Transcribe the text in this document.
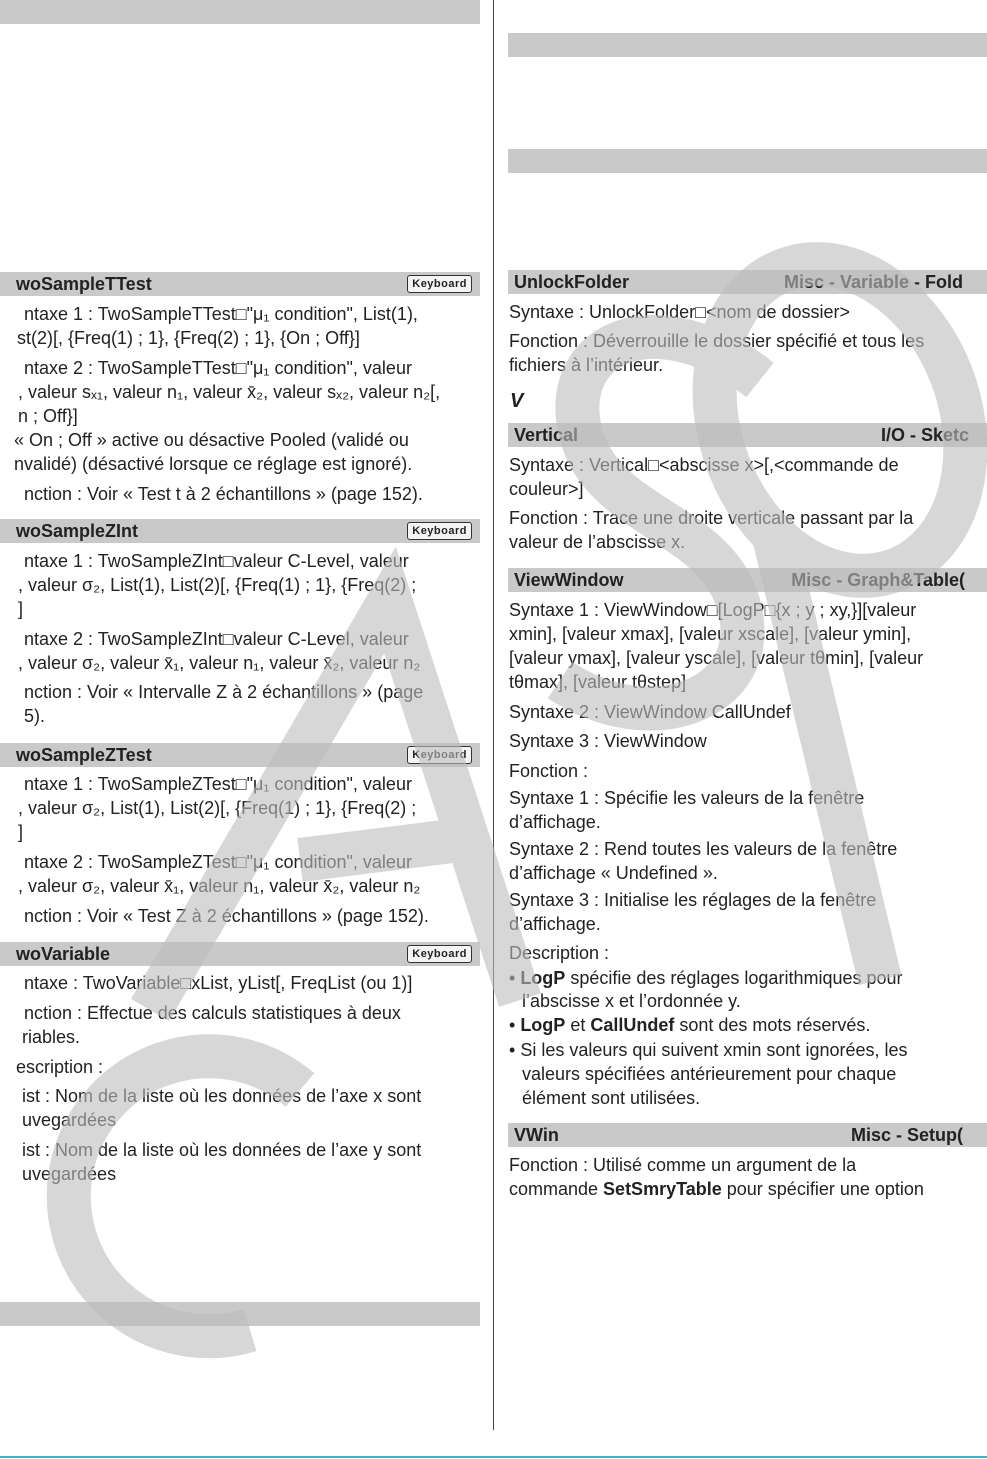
woSampleTTest	Keyboard
ntaxe 1 : TwoSampleTTest□"μ₁ condition", List(1),
st(2)[, {Freq(1) ; 1}, {Freq(2) ; 1}, {On ; Off}]
ntaxe 2 : TwoSampleTTest□"μ₁ condition", valeur
, valeur sₓ₁, valeur n₁, valeur x̄₂, valeur sₓ₂, valeur n₂[,
n ; Off}]
« On ; Off » active ou désactive Pooled (validé ou
nvalidé) (désactivé lorsque ce réglage est ignoré).
nction : Voir « Test t à 2 échantillons » (page 152).
woSampleZInt	Keyboard
ntaxe 1 : TwoSampleZInt□valeur C-Level, valeur
, valeur σ₂, List(1), List(2)[, {Freq(1) ; 1}, {Freq(2) ;
]
ntaxe 2 : TwoSampleZInt□valeur C-Level, valeur
, valeur σ₂, valeur x̄₁, valeur n₁, valeur x̄₂, valeur n₂
nction : Voir « Intervalle Z à 2 échantillons » (page
5).
woSampleZTest	Keyboard
ntaxe 1 : TwoSampleZTest□"μ₁ condition", valeur
, valeur σ₂, List(1), List(2)[, {Freq(1) ; 1}, {Freq(2) ;
]
ntaxe 2 : TwoSampleZTest□"μ₁ condition", valeur
, valeur σ₂, valeur x̄₁, valeur n₁, valeur x̄₂, valeur n₂
nction : Voir « Test Z à 2 échantillons » (page 152).
woVariable	Keyboard
ntaxe : TwoVariable□xList, yList[, FreqList (ou 1)]
nction : Effectue des calculs statistiques à deux
riables.
escription :
ist : Nom de la liste où les données de l’axe x sont
uvegardées
ist : Nom de la liste où les données de l’axe y sont
uvegardées
UnlockFolder	Misc - Variable - Fold
Syntaxe : UnlockFolder□<nom de dossier>
Fonction : Déverrouille le dossier spécifié et tous les
fichiers à l’intérieur.
V
Vertical	I/O - Sketc
Syntaxe : Vertical□<abscisse x>[,<commande de
couleur>]
Fonction : Trace une droite verticale passant par la
valeur de l’abscisse x.
ViewWindow	Misc - Graph&Table(
Syntaxe 1 : ViewWindow□[LogP□{x ; y ; xy,}][valeur
xmin], [valeur xmax], [valeur xscale], [valeur ymin],
[valeur ymax], [valeur yscale], [valeur tθmin], [valeur
tθmax], [valeur tθstep]
Syntaxe 2 : ViewWindow CallUndef
Syntaxe 3 : ViewWindow
Fonction :
Syntaxe 1 : Spécifie les valeurs de la fenêtre
d’affichage.
Syntaxe 2 : Rend toutes les valeurs de la fenêtre
d’affichage « Undefined ».
Syntaxe 3 : Initialise les réglages de la fenêtre
d’affichage.
Description :
• LogP spécifie des réglages logarithmiques pour
l’abscisse x et l’ordonnée y.
• LogP et CallUndef sont des mots réservés.
• Si les valeurs qui suivent xmin sont ignorées, les
valeurs spécifiées antérieurement pour chaque
élément sont utilisées.
VWin	Misc - Setup(
Fonction : Utilisé comme un argument de la
commande SetSmryTable pour spécifier une option
